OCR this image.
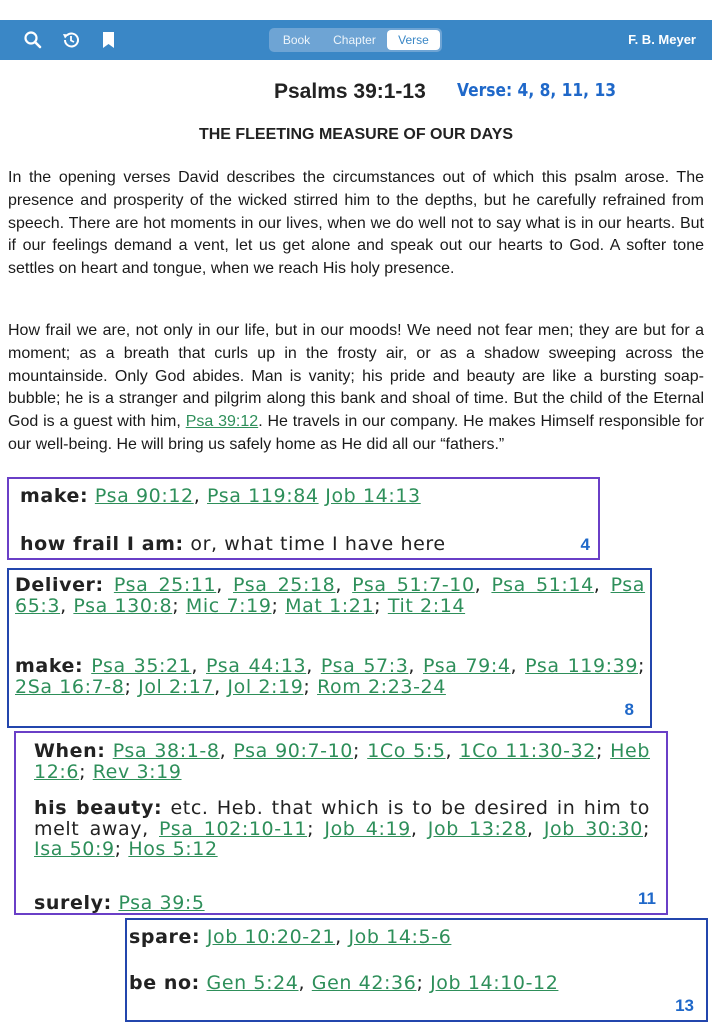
Book	Chapter	Verse	F. B. Meyer
Psalms 39:1-13 Verse: 4, 8, 11, 13
THE FLEETING MEASURE OF OUR DAYS

In the opening verses David describes the circumstances out of which this psalm arose. The presence and prosperity of the wicked stirred him to the depths, but he carefully refrained from speech. There are hot moments in our lives, when we do well not to say what is in our hearts. But if our feelings demand a vent, let us get alone and speak out our hearts to God. A softer tone settles on heart and tongue, when we reach His holy presence.

How frail we are, not only in our life, but in our moods! We need not fear men; they are but for a moment; as a breath that curls up in the frosty air, or as a shadow sweeping across the mountainside. Only God abides. Man is vanity; his pride and beauty are like a bursting soap-bubble; he is a stranger and pilgrim along this bank and shoal of time. But the child of the Eternal God is a guest with him, Psa 39:12. He travels in our company. He makes Himself responsible for our well-being. He will bring us safely home as He did all our “fathers.”

make: Psa 90:12, Psa 119:84 Job 14:13
how frail I am: or, what time I have here	4
Deliver: Psa 25:11, Psa 25:18, Psa 51:7-10, Psa 51:14, Psa 65:3, Psa 130:8; Mic 7:19; Mat 1:21; Tit 2:14
make: Psa 35:21, Psa 44:13, Psa 57:3, Psa 79:4, Psa 119:39; 2Sa 16:7-8; Jol 2:17, Jol 2:19; Rom 2:23-24
8
When: Psa 38:1-8, Psa 90:7-10; 1Co 5:5, 1Co 11:30-32; Heb 12:6; Rev 3:19
his beauty: etc. Heb. that which is to be desired in him to melt away, Psa 102:10-11; Job 4:19, Job 13:28, Job 30:30; Isa 50:9; Hos 5:12
surely: Psa 39:5	11
spare: Job 10:20-21, Job 14:5-6
be no: Gen 5:24, Gen 42:36; Job 14:10-12
13
